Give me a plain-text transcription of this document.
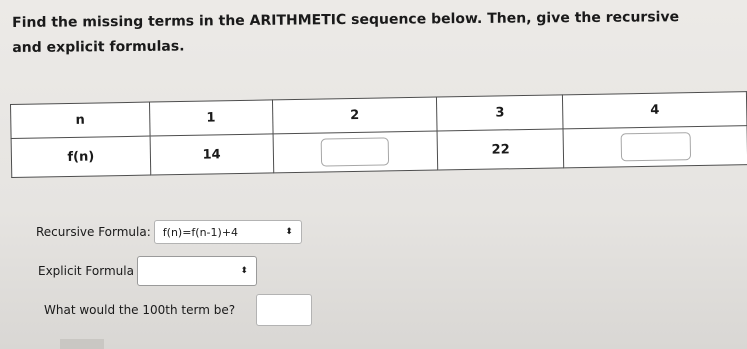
Find the missing terms in the ARITHMETIC sequence below. Then, give the recursive and explicit formulas.
n	1	2	3	4
f(n)	14		22	
Recursive Formula: f(n)=f(n-1)+4	⬍
Explicit Formula	⬍
What would the 100th term be?
